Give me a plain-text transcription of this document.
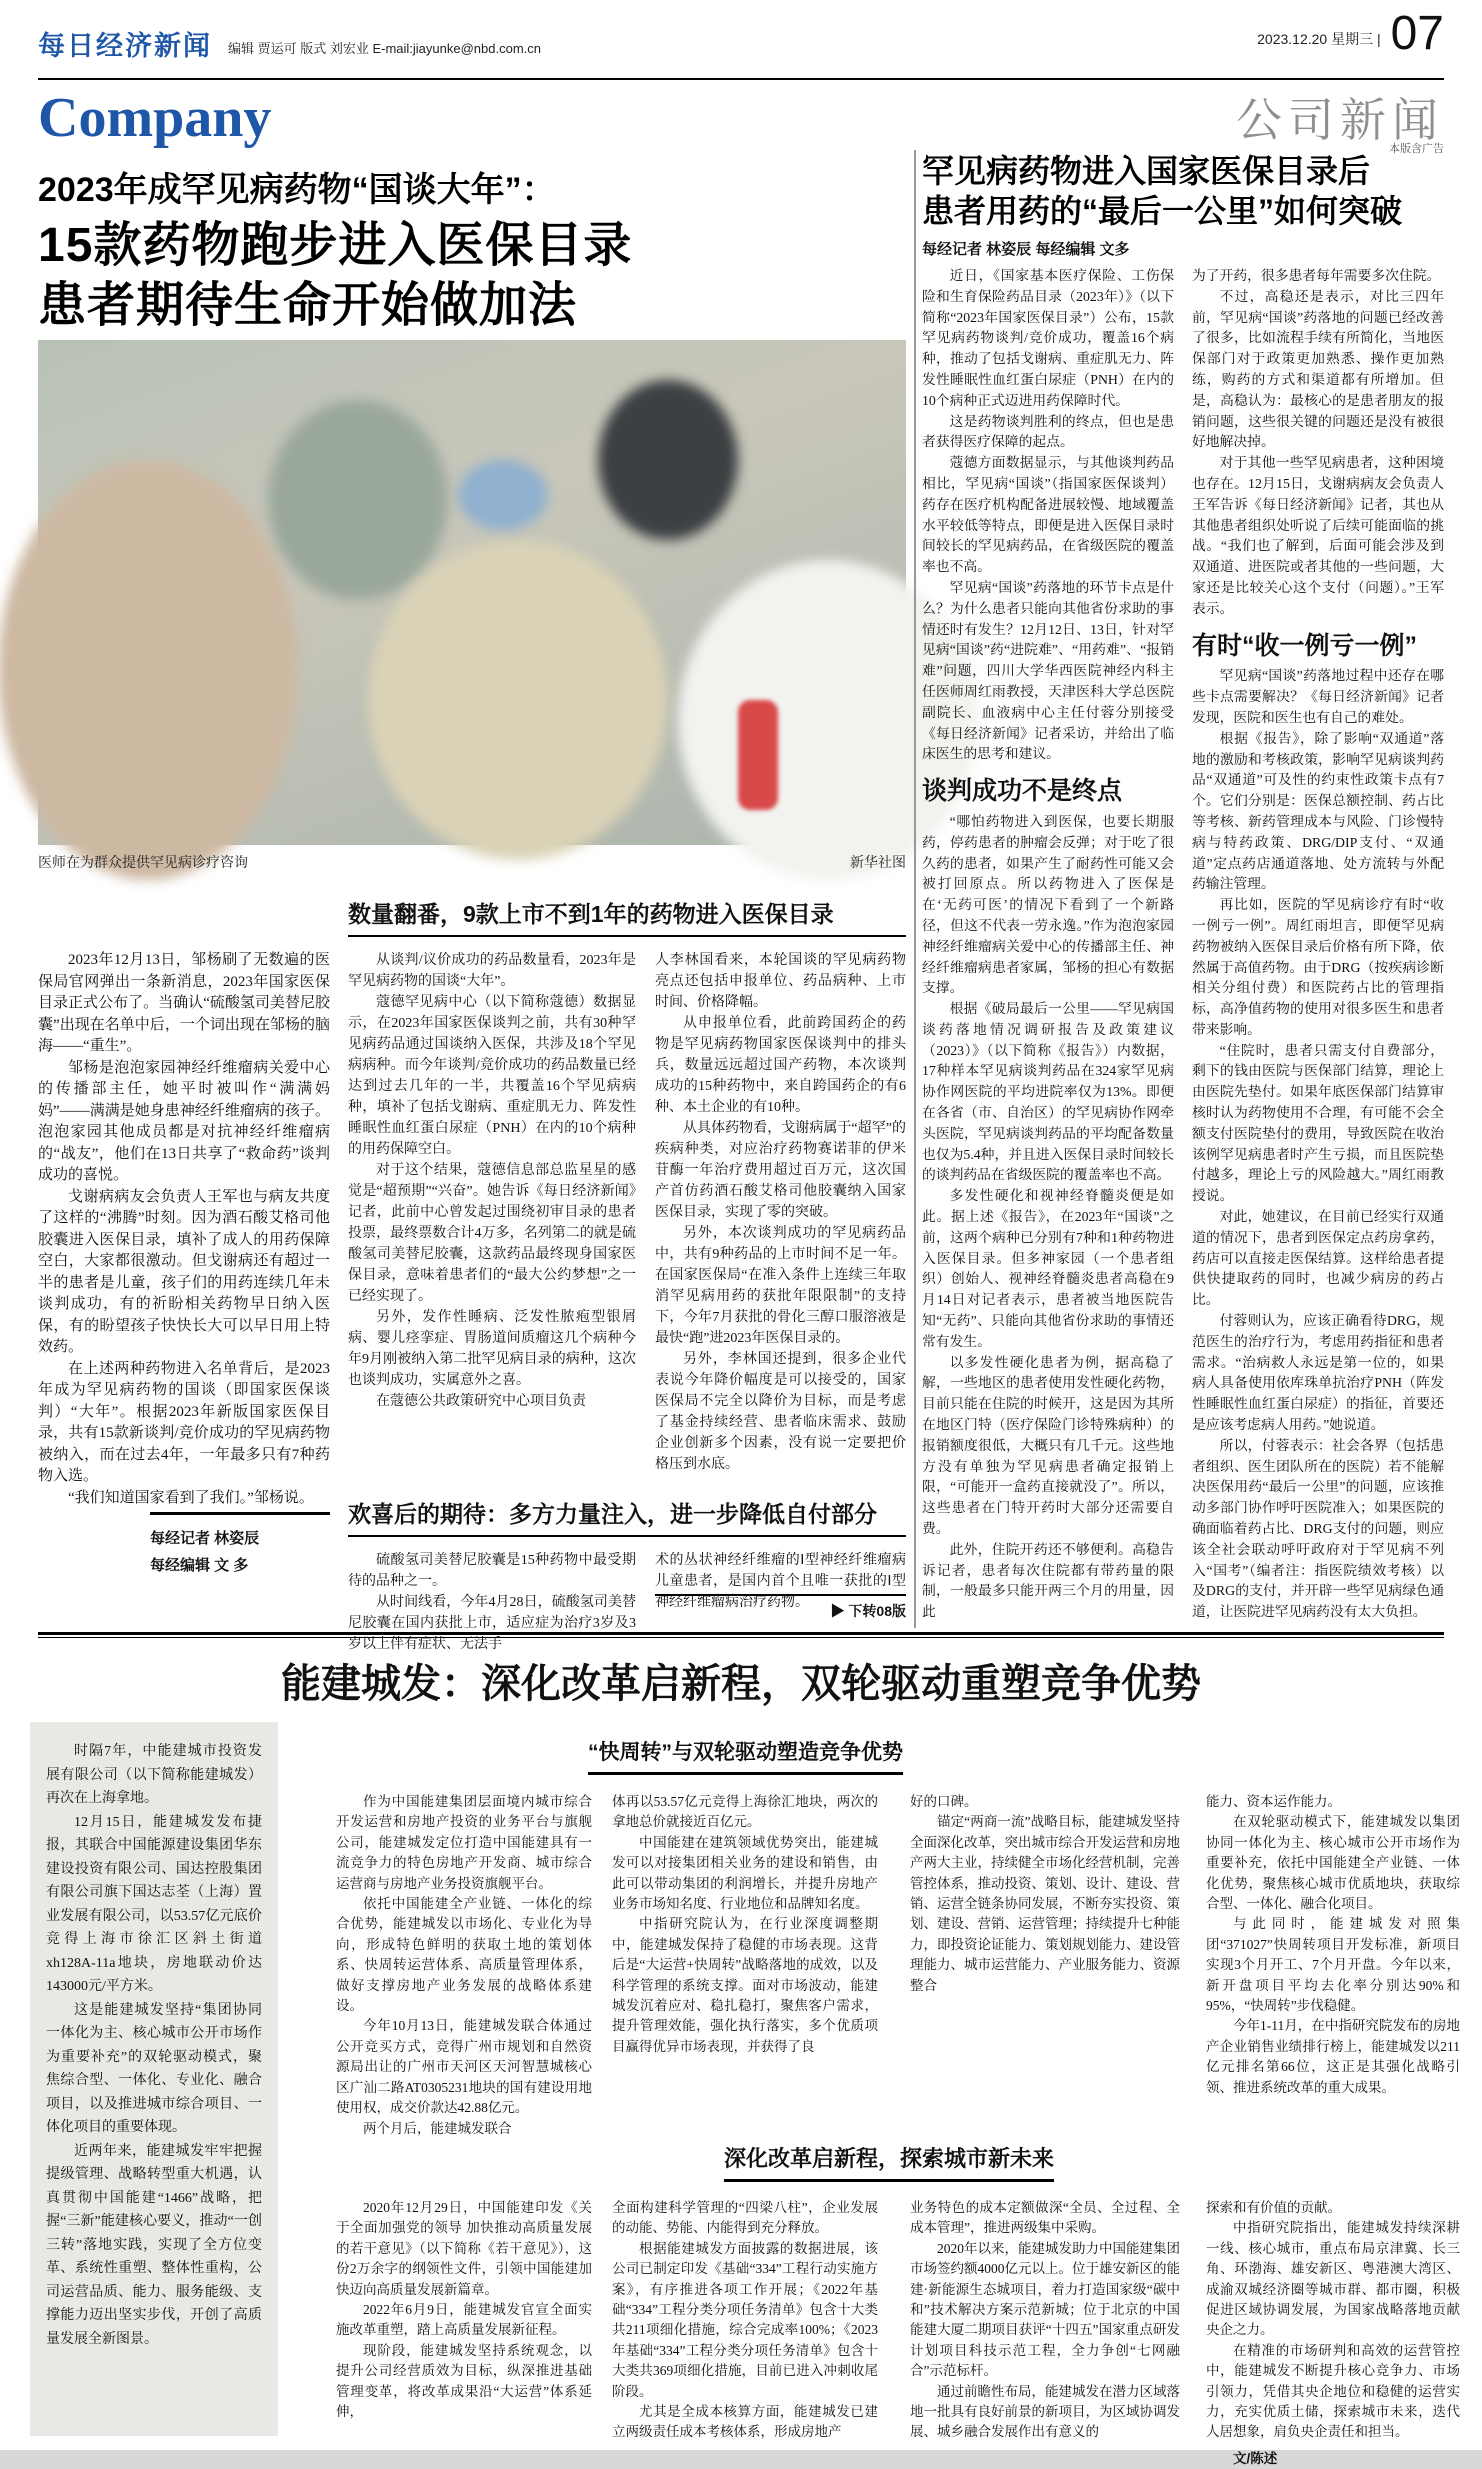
每日经济新闻 编辑 贾运可 版式 刘宏业 E-mail:jiayunke@nbd.com.cn
2023.12.20 星期三 | 07
Company	公司新闻
本版含广告
2023年成罕见病药物“国谈大年”：
15款药物跑步进入医保目录
患者期待生命开始做加法
医师在为群众提供罕见病诊疗咨询	新华社图

2023年12月13日，邹杨刷了无数遍的医保局官网弹出一条新消息，2023年国家医保目录正式公布了。当确认“硫酸氢司美替尼胶囊”出现在名单中后，一个词出现在邹杨的脑海——“重生”。

邹杨是泡泡家园神经纤维瘤病关爱中心的传播部主任，她平时被叫作“满满妈妈”——满满是她身患神经纤维瘤病的孩子。泡泡家园其他成员都是对抗神经纤维瘤病的“战友”，他们在13日共享了“救命药”谈判成功的喜悦。

戈谢病病友会负责人王军也与病友共度了这样的“沸腾”时刻。因为酒石酸艾格司他胶囊进入医保目录，填补了成人的用药保障空白，大家都很激动。但戈谢病还有超过一半的患者是儿童，孩子们的用药连续几年未谈判成功，有的祈盼相关药物早日纳入医保，有的盼望孩子快快长大可以早日用上特效药。

在上述两种药物进入名单背后，是2023年成为罕见病药物的国谈（即国家医保谈判）“大年”。根据2023年新版国家医保目录，共有15款新谈判/竞价成功的罕见病药物被纳入，而在过去4年，一年最多只有7种药物入选。

“我们知道国家看到了我们。”邹杨说。

每经记者 林姿辰
每经编辑 文 多
数量翻番，9款上市不到1年的药物进入医保目录

从谈判/议价成功的药品数量看，2023年是罕见病药物的国谈“大年”。

蔻德罕见病中心（以下简称蔻德）数据显示，在2023年国家医保谈判之前，共有30种罕见病药品通过国谈纳入医保，共涉及18个罕见病病种。而今年谈判/竞价成功的药品数量已经达到过去几年的一半，共覆盖16个罕见病病种，填补了包括戈谢病、重症肌无力、阵发性睡眠性血红蛋白尿症（PNH）在内的10个病种的用药保障空白。

对于这个结果，蔻德信息部总监星星的感觉是“超预期”“兴奋”。她告诉《每日经济新闻》记者，此前中心曾发起过围绕初审目录的患者投票，最终票数合计4万多，名列第二的就是硫酸氢司美替尼胶囊，这款药品最终现身国家医保目录，意味着患者们的“最大公约梦想”之一已经实现了。

另外，发作性睡病、泛发性脓疱型银屑病、婴儿痉挛症、胃肠道间质瘤这几个病种今年9月刚被纳入第二批罕见病目录的病种，这次也谈判成功，实属意外之喜。

在蔻德公共政策研究中心项目负责

人李林国看来，本轮国谈的罕见病药物亮点还包括申报单位、药品病种、上市时间、价格降幅。

从申报单位看，此前跨国药企的药物是罕见病药物国家医保谈判中的排头兵，数量远远超过国产药物，本次谈判成功的15种药物中，来自跨国药企的有6种、本土企业的有10种。

从具体药物看，戈谢病属于“超罕”的疾病种类，对应治疗药物赛诺菲的伊米苷酶一年治疗费用超过百万元，这次国产首仿药酒石酸艾格司他胶囊纳入国家医保目录，实现了零的突破。

另外，本次谈判成功的罕见病药品中，共有9种药品的上市时间不足一年。在国家医保局“在准入条件上连续三年取消罕见病用药的获批年限限制”的支持下，今年7月获批的骨化三醇口服溶液是最快“跑”进2023年医保目录的。

另外，李林国还提到，很多企业代表说今年降价幅度是可以接受的，国家医保局不完全以降价为目标，而是考虑了基金持续经营、患者临床需求、鼓励企业创新多个因素，没有说一定要把价格压到水底。

欢喜后的期待：多方力量注入，进一步降低自付部分

硫酸氢司美替尼胶囊是15种药物中最受期待的品种之一。

从时间线看，今年4月28日，硫酸氢司美替尼胶囊在国内获批上市，适应症为治疗3岁及3岁以上伴有症状、无法手

术的丛状神经纤维瘤的Ⅰ型神经纤维瘤病儿童患者，是国内首个且唯一获批的Ⅰ型神经纤维瘤病治疗药物。

▶ 下转08版
罕见病药物进入国家医保目录后
患者用药的“最后一公里”如何突破
每经记者 林姿辰 每经编辑 文多

近日，《国家基本医疗保险、工伤保险和生育保险药品目录（2023年）》（以下简称“2023年国家医保目录”）公布，15款罕见病药物谈判/竞价成功，覆盖16个病种，推动了包括戈谢病、重症肌无力、阵发性睡眠性血红蛋白尿症（PNH）在内的10个病种正式迈进用药保障时代。

这是药物谈判胜利的终点，但也是患者获得医疗保障的起点。

蔻德方面数据显示，与其他谈判药品相比，罕见病“国谈”（指国家医保谈判）药存在医疗机构配备进展较慢、地域覆盖水平较低等特点，即便是进入医保目录时间较长的罕见病药品，在省级医院的覆盖率也不高。

罕见病“国谈”药落地的环节卡点是什么？为什么患者只能向其他省份求助的事情还时有发生？12月12日、13日，针对罕见病“国谈”药“进院难”、“用药难”、“报销难”问题，四川大学华西医院神经内科主任医师周红雨教授，天津医科大学总医院副院长、血液病中心主任付蓉分别接受《每日经济新闻》记者采访，并给出了临床医生的思考和建议。

谈判成功不是终点

“哪怕药物进入到医保，也要长期服药，停药患者的肿瘤会反弹；对于吃了很久药的患者，如果产生了耐药性可能又会被打回原点。所以药物进入了医保是在‘无药可医’的情况下看到了一个新路径，但这不代表一劳永逸。”作为泡泡家园神经纤维瘤病关爱中心的传播部主任、神经纤维瘤病患者家属，邹杨的担心有数据支撑。

根据《破局最后一公里——罕见病国谈药落地情况调研报告及政策建议（2023）》（以下简称《报告》）内数据，17种样本罕见病谈判药品在324家罕见病协作网医院的平均进院率仅为13%。即便在各省（市、自治区）的罕见病协作网牵头医院，罕见病谈判药品的平均配备数量也仅为5.4种，并且进入医保目录时间较长的谈判药品在省级医院的覆盖率也不高。

多发性硬化和视神经脊髓炎便是如此。据上述《报告》，在2023年“国谈”之前，这两个病种已分别有7种和1种药物进入医保目录。但多神家园（一个患者组织）创始人、视神经脊髓炎患者高稳在9月14日对记者表示，患者被当地医院告知“无药”、只能向其他省份求助的事情还常有发生。

以多发性硬化患者为例，据高稳了解，一些地区的患者使用发性硬化药物，目前只能在住院的时候开，这是因为其所在地区门特（医疗保险门诊特殊病种）的报销额度很低，大概只有几千元。这些地方没有单独为罕见病患者确定报销上限，“可能开一盒药直接就没了”。所以，这些患者在门特开药时大部分还需要自费。

此外，住院开药还不够便利。高稳告诉记者，患者每次住院都有带药量的限制，一般最多只能开两三个月的用量，因此

为了开药，很多患者每年需要多次住院。

不过，高稳还是表示，对比三四年前，罕见病“国谈”药落地的问题已经改善了很多，比如流程手续有所简化，当地医保部门对于政策更加熟悉、操作更加熟练，购药的方式和渠道都有所增加。但是，高稳认为：最核心的是患者朋友的报销问题，这些很关键的问题还是没有被很好地解决掉。

对于其他一些罕见病患者，这种困境也存在。12月15日，戈谢病病友会负责人王军告诉《每日经济新闻》记者，其也从其他患者组织处听说了后续可能面临的挑战。“我们也了解到，后面可能会涉及到双通道、进医院或者其他的一些问题，大家还是比较关心这个支付（问题）。”王军表示。

有时“收一例亏一例”

罕见病“国谈”药落地过程中还存在哪些卡点需要解决？《每日经济新闻》记者发现，医院和医生也有自己的难处。

根据《报告》，除了影响“双通道”落地的激励和考核政策，影响罕见病谈判药品“双通道”可及性的约束性政策卡点有7个。它们分别是：医保总额控制、药占比等考核、新药管理成本与风险、门诊慢特病与特药政策、DRG/DIP支付、“双通道”定点药店通道落地、处方流转与外配药输注管理。

再比如，医院的罕见病诊疗有时“收一例亏一例”。周红雨坦言，即便罕见病药物被纳入医保目录后价格有所下降，依然属于高值药物。由于DRG（按疾病诊断相关分组付费）和医院药占比的管理指标，高净值药物的使用对很多医生和患者带来影响。

“住院时，患者只需支付自费部分，剩下的钱由医院与医保部门结算，理论上由医院先垫付。如果年底医保部门结算审核时认为药物使用不合理，有可能不会全额支付医院垫付的费用，导致医院在收治该例罕见病患者时产生亏损，而且医院垫付越多，理论上亏的风险越大。”周红雨教授说。

对此，她建议，在目前已经实行双通道的情况下，患者到医保定点药房拿药，药店可以直接走医保结算。这样给患者提供快捷取药的同时，也减少病房的药占比。

付蓉则认为，应该正确看待DRG，规范医生的治疗行为，考虑用药指征和患者需求。“治病救人永远是第一位的，如果病人具备使用依库珠单抗治疗PNH（阵发性睡眠性血红蛋白尿症）的指征，首要还是应该考虑病人用药。”她说道。

所以，付蓉表示：社会各界（包括患者组织、医生团队所在的医院）若不能解决医保用药“最后一公里”的问题，应该推动多部门协作呼吁医院准入；如果医院的确面临着药占比、DRG支付的问题，则应该全社会联动呼吁政府对于罕见病不列入“国考”（编者注：指医院绩效考核）以及DRG的支付，并开辟一些罕见病绿色通道，让医院进罕见病药没有太大负担。

能建城发：深化改革启新程，双轮驱动重塑竞争优势

时隔7年，中能建城市投资发展有限公司（以下简称能建城发）再次在上海拿地。

12月15日，能建城发发布捷报，其联合中国能源建设集团华东建设投资有限公司、国达控股集团有限公司旗下国达志荃（上海）置业发展有限公司，以53.57亿元底价竞得上海市徐汇区斜土街道xh128A-11a地块，房地联动价达143000元/平方米。

这是能建城发坚持“集团协同一体化为主、核心城市公开市场作为重要补充”的双轮驱动模式，聚焦综合型、一体化、专业化、融合项目，以及推进城市综合项目、一体化项目的重要体现。

近两年来，能建城发牢牢把握提级管理、战略转型重大机遇，认真贯彻中国能建“1466”战略，把握“三新”能建核心要义，推动“一创三转”落地实践，实现了全方位变革、系统性重塑、整体性重构，公司运营品质、能力、服务能级、支撑能力迈出坚实步伐，开创了高质量发展全新图景。

“快周转”与双轮驱动塑造竞争优势

作为中国能建集团层面境内城市综合开发运营和房地产投资的业务平台与旗舰公司，能建城发定位打造中国能建具有一流竞争力的特色房地产开发商、城市综合运营商与房地产业务投资旗舰平台。

依托中国能建全产业链、一体化的综合优势，能建城发以市场化、专业化为导向，形成特色鲜明的获取土地的策划体系、快周转运营体系、高质量管理体系，做好支撑房地产业务发展的战略体系建设。

今年10月13日，能建城发联合体通过公开竞买方式，竞得广州市规划和自然资源局出让的广州市天河区天河智慧城核心区广汕二路AT0305231地块的国有建设用地使用权，成交价款达42.88亿元。

两个月后，能建城发联合

体再以53.57亿元竞得上海徐汇地块，两次的拿地总价就接近百亿元。

中国能建在建筑领域优势突出，能建城发可以对接集团相关业务的建设和销售，由此可以带动集团的利润增长，并提升房地产业务市场知名度、行业地位和品牌知名度。

中指研究院认为，在行业深度调整期中，能建城发保持了稳健的市场表现。这背后是“大运营+快周转”战略落地的成效，以及科学管理的系统支撑。面对市场波动，能建城发沉着应对、稳扎稳打，聚焦客户需求，提升管理效能，强化执行落实，多个优质项目赢得优异市场表现，并获得了良

好的口碑。

锚定“两商一流”战略目标，能建城发坚持全面深化改革，突出城市综合开发运营和房地产两大主业，持续健全市场化经营机制，完善管控体系，推动投资、策划、设计、建设、营销、运营全链条协同发展，不断夯实投资、策划、建设、营销、运营管理；持续提升七种能力，即投资论证能力、策划规划能力、建设管理能力、城市运营能力、产业服务能力、资源整合

能力、资本运作能力。

在双轮驱动模式下，能建城发以集团协同一体化为主、核心城市公开市场作为重要补充，依托中国能建全产业链、一体化优势，聚焦核心城市优质地块，获取综合型、一体化、融合化项目。

与此同时，能建城发对照集团“371027”快周转项目开发标准，新项目实现3个月开工、7个月开盘。今年以来，新开盘项目平均去化率分别达90%和95%，“快周转”步伐稳健。

今年1-11月，在中指研究院发布的房地产企业销售业绩排行榜上，能建城发以211亿元排名第66位，这正是其强化战略引领、推进系统改革的重大成果。

深化改革启新程，探索城市新未来

2020年12月29日，中国能建印发《关于全面加强党的领导 加快推动高质量发展的若干意见》（以下简称《若干意见》），这份2万余字的纲领性文件，引领中国能建加快迈向高质量发展新篇章。

2022年6月9日，能建城发官宣全面实施改革重塑，踏上高质量发展新征程。

现阶段，能建城发坚持系统观念，以提升公司经营质效为目标，纵深推进基础管理变革，将改革成果沿“大运营”体系延伸，

全面构建科学管理的“四梁八柱”，企业发展的动能、势能、内能得到充分释放。

根据能建城发方面披露的数据进展，该公司已制定印发《基础“334”工程行动实施方案》，有序推进各项工作开展；《2022年基础“334”工程分类分项任务清单》包含十大类共211项细化措施，综合完成率100%；《2023年基础“334”工程分类分项任务清单》包含十大类共369项细化措施，目前已进入冲刺收尾阶段。

尤其是全成本核算方面，能建城发已建立两级责任成本考核体系，形成房地产

业务特色的成本定额做深“全员、全过程、全成本管理”，推进两级集中采购。

2020年以来，能建城发助力中国能建集团市场签约额4000亿元以上。位于雄安新区的能建·新能源生态城项目，着力打造国家级“碳中和”技术解决方案示范新城；位于北京的中国能建大厦二期项目获评“十四五”国家重点研发计划项目科技示范工程，全力争创“七网融合”示范标杆。

通过前瞻性布局，能建城发在潜力区域落地一批具有良好前景的新项目，为区域协调发展、城乡融合发展作出有意义的

探索和有价值的贡献。

中指研究院指出，能建城发持续深耕一线、核心城市，重点布局京津冀、长三角、环渤海、雄安新区、粤港澳大湾区、成渝双城经济圈等城市群、都市圈，积极促进区域协调发展，为国家战略落地贡献央企之力。

在精准的市场研判和高效的运营管控中，能建城发不断提升核心竞争力、市场引领力，凭借其央企地位和稳健的运营实力，充实优质土储，探索城市未来，迭代人居想象，肩负央企责任和担当。

文/陈述
